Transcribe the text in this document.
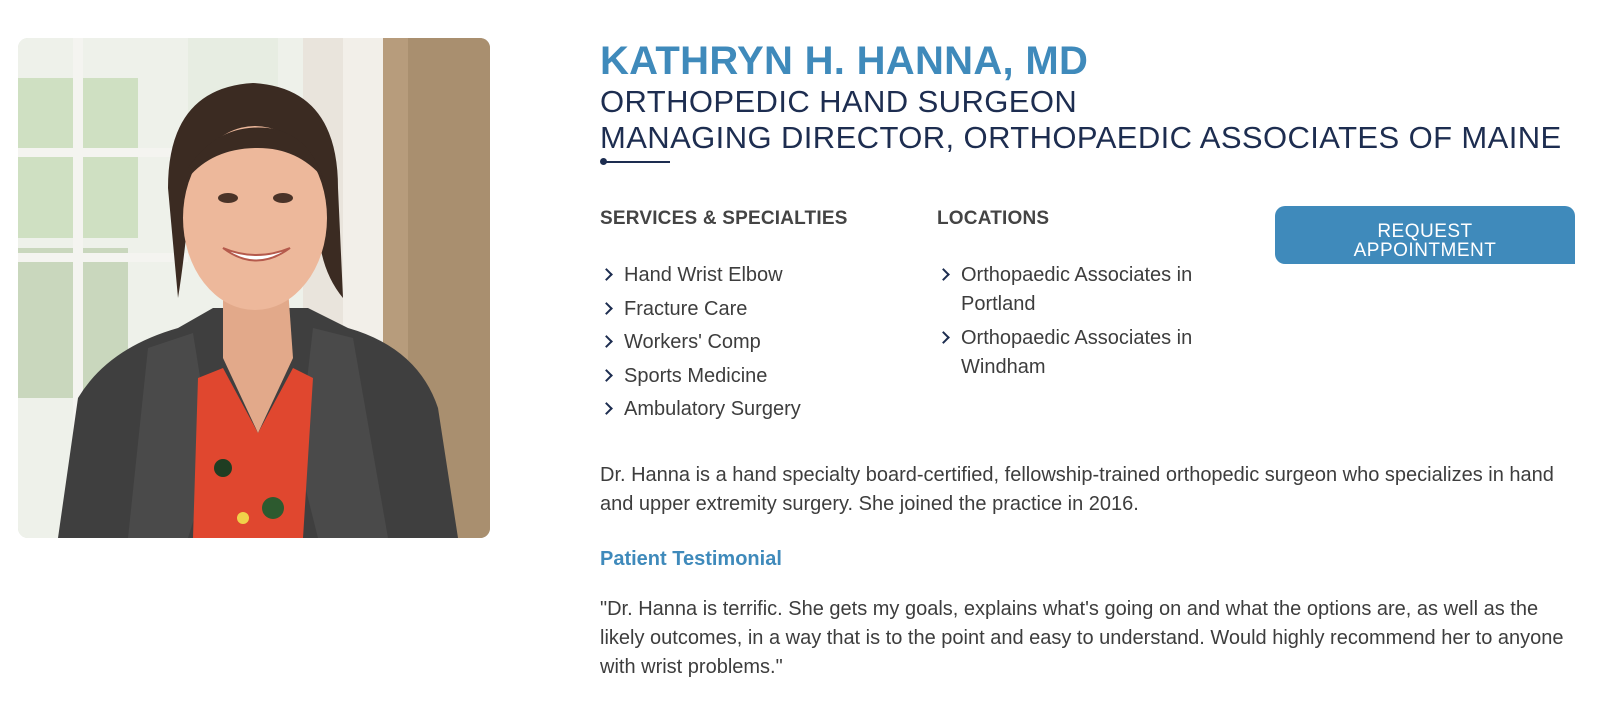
KATHRYN H. HANNA, MD
ORTHOPEDIC HAND SURGEON
MANAGING DIRECTOR, ORTHOPAEDIC ASSOCIATES OF MAINE
SERVICES & SPECIALTIES
Hand Wrist Elbow
Fracture Care
Workers' Comp
Sports Medicine
Ambulatory Surgery
LOCATIONS
Orthopaedic Associates in Portland
Orthopaedic Associates in Windham
REQUEST
APPOINTMENT

Dr. Hanna is a hand specialty board-certified, fellowship-trained orthopedic surgeon who specializes in hand and upper extremity surgery. She joined the practice in 2016.

Patient Testimonial

"Dr. Hanna is terrific. She gets my goals, explains what's going on and what the options are, as well as the likely outcomes, in a way that is to the point and easy to understand. Would highly recommend her to anyone with wrist problems."
